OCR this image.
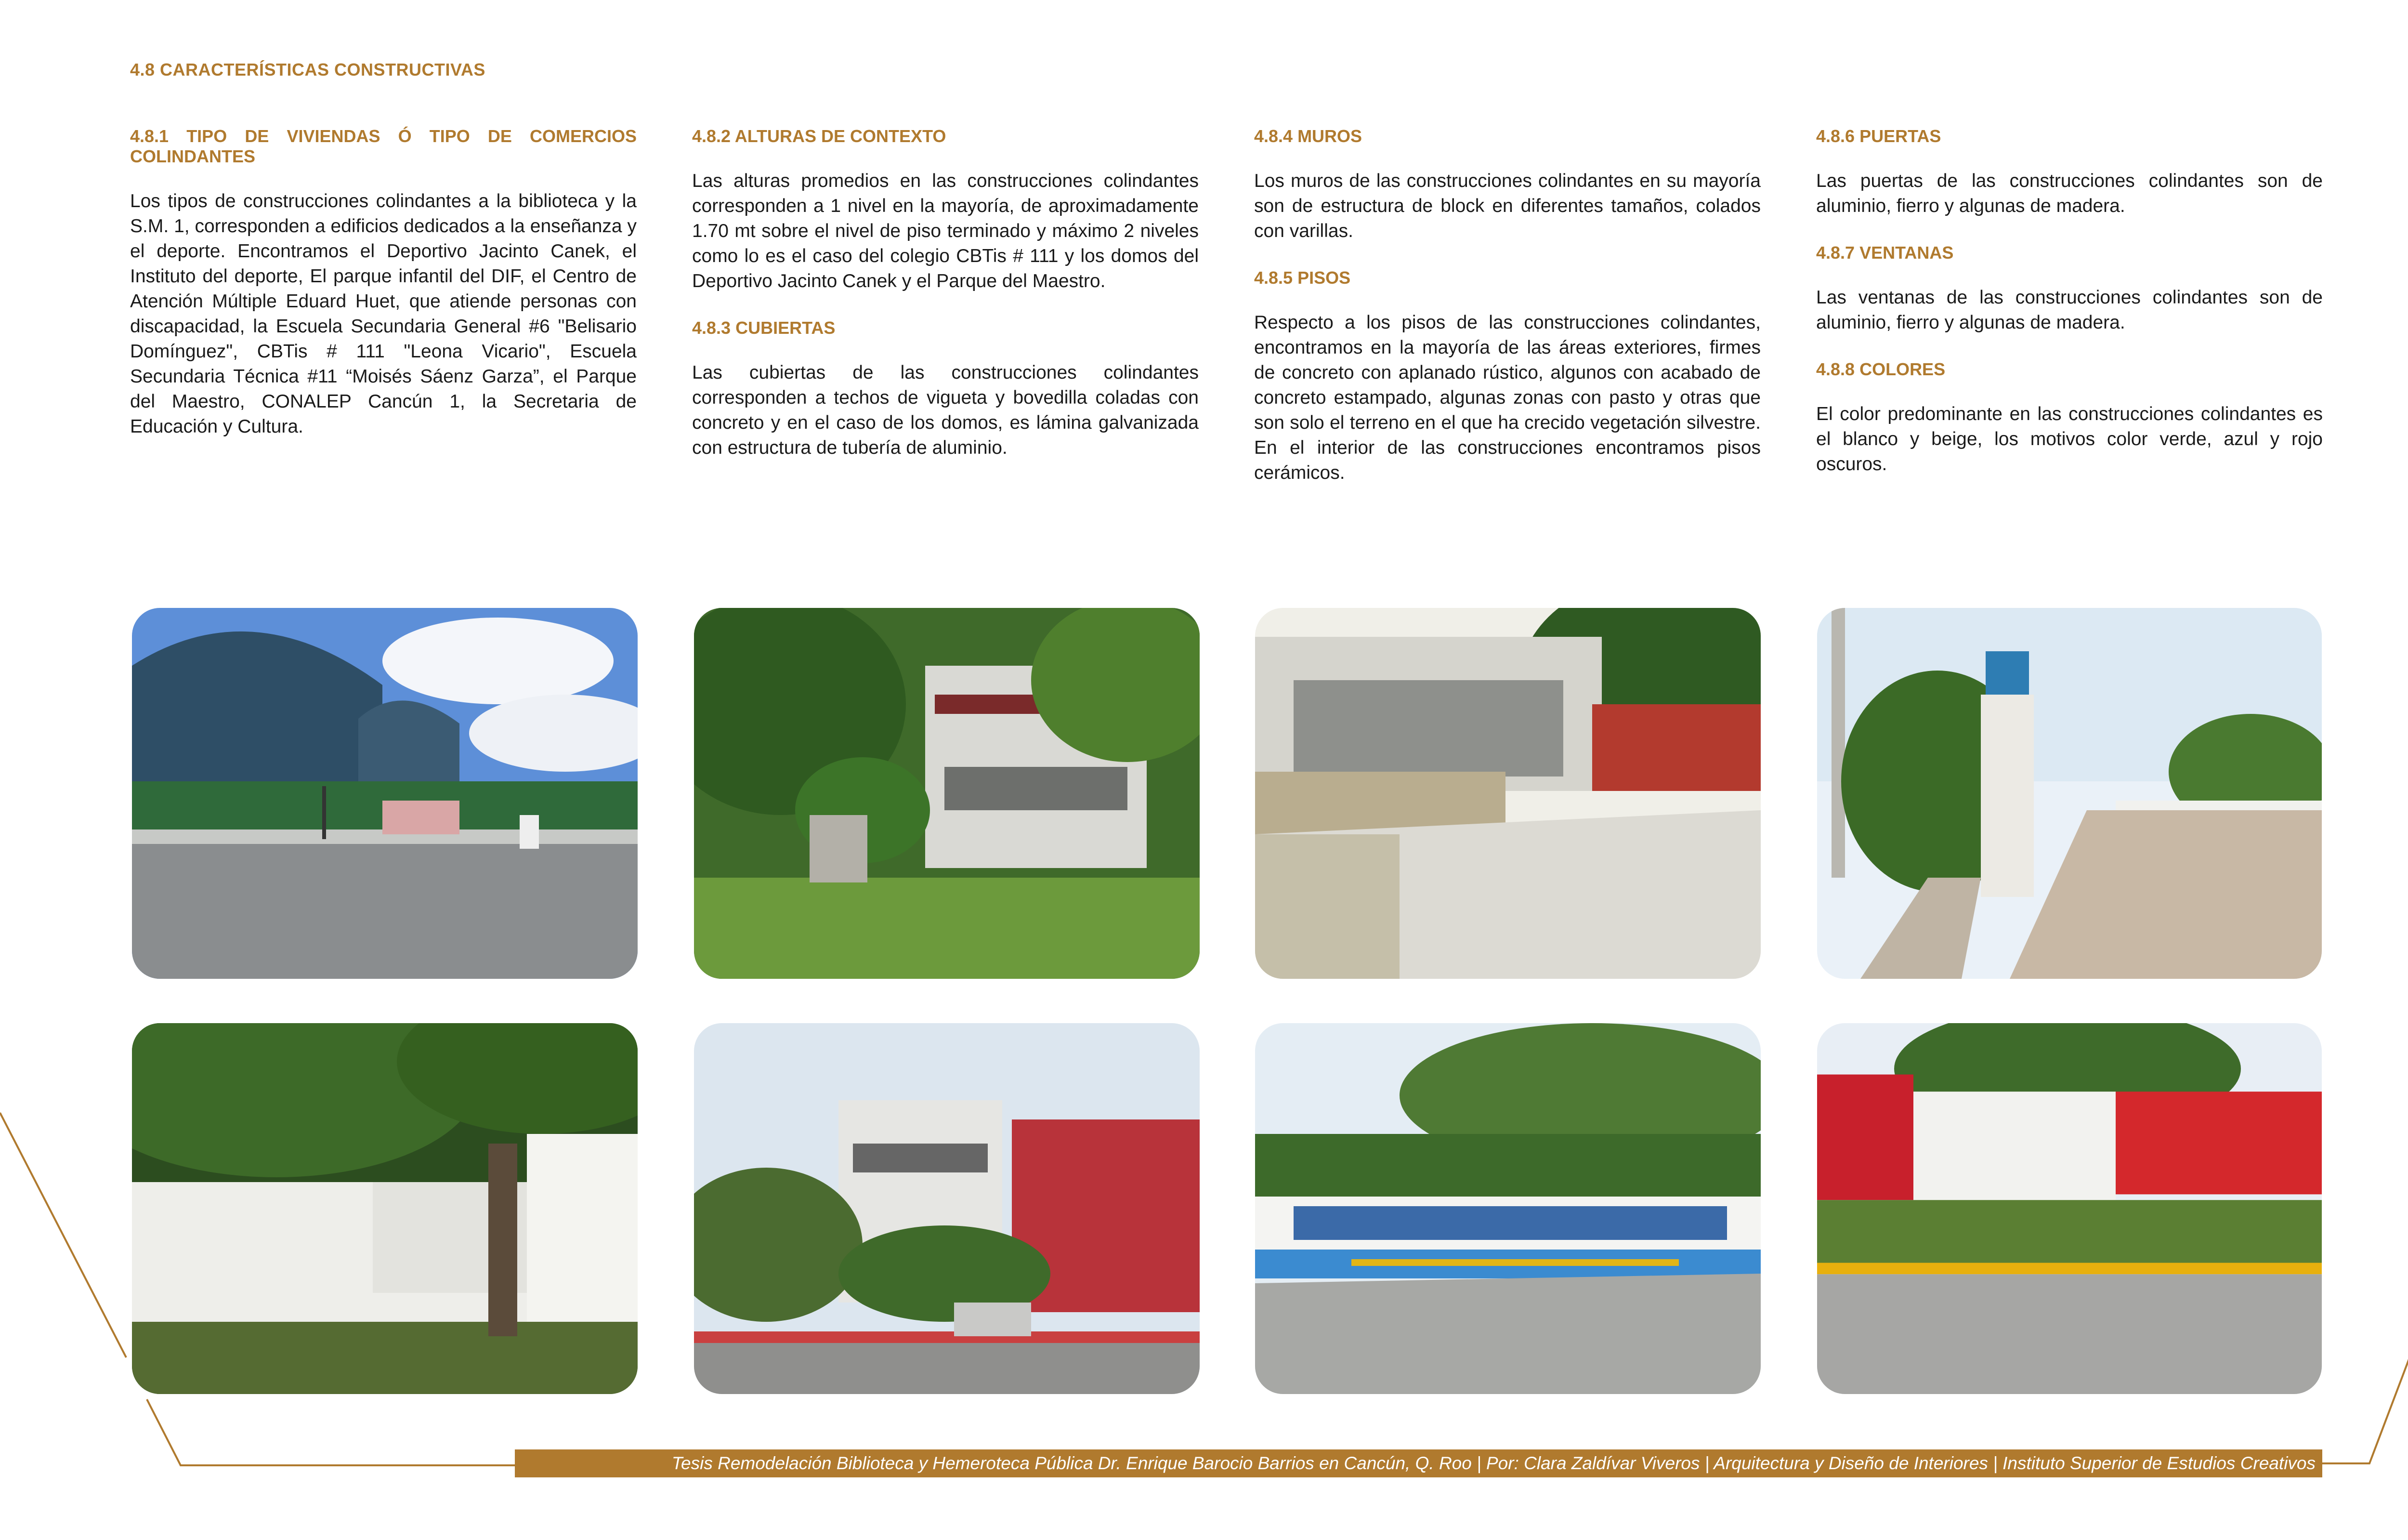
4.8 CARACTERÍSTICAS CONSTRUCTIVAS
4.8.1 TIPO DE VIVIENDAS Ó TIPO DE COMERCIOS COLINDANTES

Los tipos de construcciones colindantes a la biblioteca y la S.M. 1, corresponden a edificios dedicados a la enseñanza y el deporte. Encontramos el Deportivo Jacinto Canek, el Instituto del deporte, El parque infantil del DIF, el Centro de Atención Múltiple Eduard Huet, que atiende personas con discapacidad, la Escuela Secundaria General #6 "Belisario Domínguez", CBTis # 111 "Leona Vicario", Escuela Secundaria Técnica #11 “Moisés Sáenz Garza”, el Parque del Maestro, CONALEP Cancún 1, la Secretaria de Educación y Cultura.

4.8.2 ALTURAS DE CONTEXTO

Las alturas promedios en las construcciones colindantes corresponden a 1 nivel en la mayoría, de aproximadamente 1.70 mt sobre el nivel de piso terminado y máximo 2 niveles como lo es el caso del colegio CBTis # 111 y los domos del Deportivo Jacinto Canek y el Parque del Maestro.

4.8.3 CUBIERTAS

Las cubiertas de las construcciones colindantes corresponden a techos de vigueta y bovedilla coladas con concreto y en el caso de los domos, es lámina galvanizada con estructura de tubería de aluminio.

4.8.4 MUROS

Los muros de las construcciones colindantes en su mayoría son de estructura de block en diferentes tamaños, colados con varillas.

4.8.5 PISOS

Respecto a los pisos de las construcciones colindantes, encontramos en la mayoría de las áreas exteriores, firmes de concreto con aplanado rústico, algunos con acabado de concreto estampado, algunas zonas con pasto y otras que son solo el terreno en el que ha crecido vegetación silvestre. En el interior de las construcciones encontramos pisos cerámicos.

4.8.6 PUERTAS

Las puertas de las construcciones colindantes son de aluminio, fierro y algunas de madera.

4.8.7 VENTANAS

Las ventanas de las construcciones colindantes son de aluminio, fierro y algunas de madera.

4.8.8 COLORES

El color predominante en las construcciones colindantes es el blanco y beige, los motivos color verde, azul y rojo oscuros.

Tesis Remodelación Biblioteca y Hemeroteca Pública Dr. Enrique Barocio Barrios en Cancún, Q. Roo | Por: Clara Zaldívar Viveros | Arquitectura y Diseño de Interiores | Instituto Superior de Estudios Creativos
